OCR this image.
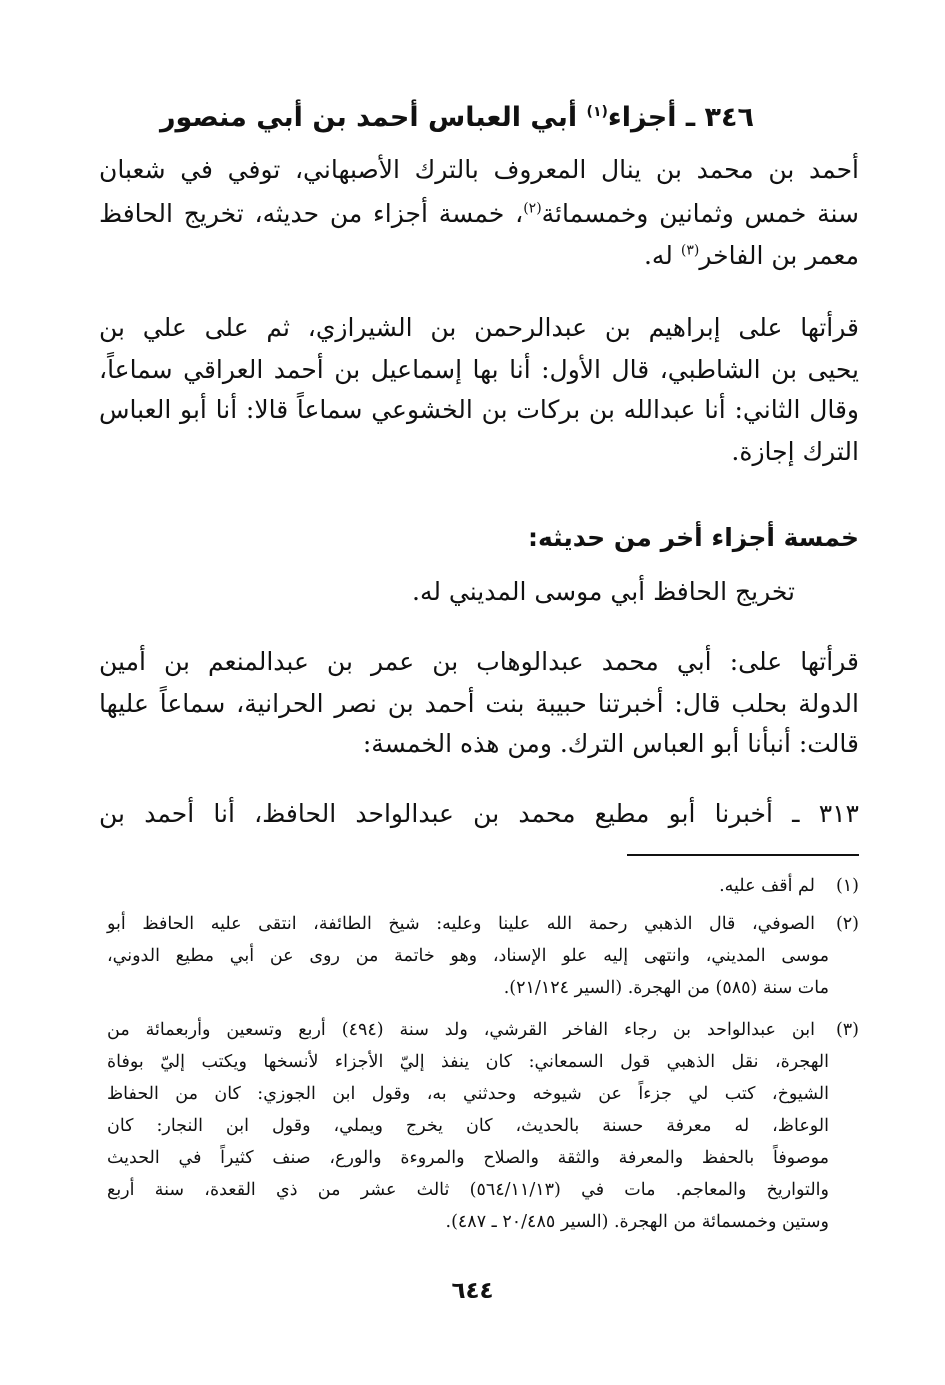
٣٤٦ ـ أجزاء$^{(١)}$ أبي العباس أحمد بن أبي منصور
أحمد بن محمد بن ينال المعروف بالترك الأصبهاني، توفي في شعبان
سنة خمس وثمانين وخمسمائة$^{(٢)}$، خمسة أجزاء من حديثه، تخريج الحافظ
معمر بن الفاخر$^{(٣)}$ له.
قرأتها على إبراهيم بن عبدالرحمن بن الشيرازي، ثم على علي بن
يحيى بن الشاطبي، قال الأول: أنا بها إسماعيل بن أحمد العراقي سماعاً،
وقال الثاني: أنا عبدالله بن بركات بن الخشوعي سماعاً قالا: أنا أبو العباس
الترك إجازة.
خمسة أجزاء أخر من حديثه:
تخريج الحافظ أبي موسى المديني له.
قرأتها على: أبي محمد عبدالوهاب بن عمر بن عبدالمنعم بن أمين
الدولة بحلب قال: أخبرتنا حبيبة بنت أحمد بن نصر الحرانية، سماعاً عليها
قالت: أنبأنا أبو العباس الترك. ومن هذه الخمسة:
٣١٣ ـ أخبرنا أبو مطيع محمد بن عبدالواحد الحافظ، أنا أحمد بن
(١)
لم أقف عليه.
(٢)
الصوفي، قال الذهبي رحمة الله علينا وعليه: شيخ الطائفة، انتقى عليه الحافظ أبو
موسى المديني، وانتهى إليه علو الإسناد، وهو خاتمة من روى عن أبي مطيع الدوني،
مات سنة (٥٨٥) من الهجرة. (السير ٢١/١٢٤).
(٣)
ابن عبدالواحد بن رجاء الفاخر القرشي، ولد سنة (٤٩٤) أربع وتسعين وأربعمائة من
الهجرة، نقل الذهبي قول السمعاني: كان ينفذ إليّ الأجزاء لأنسخها ويكتب إليّ بوفاة
الشيوخ، كتب لي جزءاً عن شيوخه وحدثني به، وقول ابن الجوزي: كان من الحفاظ
الوعاظ، له معرفة حسنة بالحديث، كان يخرج ويملي، وقول ابن النجار: كان
موصوفاً بالحفظ والمعرفة والثقة والصلاح والمروءة والورع، صنف كثيراً في الحديث
والتواريخ والمعاجم. مات في (٥٦٤/١١/١٣) ثالث عشر من ذي القعدة، سنة أربع
وستين وخمسمائة من الهجرة. (السير ٢٠/٤٨٥ ـ ٤٨٧).
٦٤٤
